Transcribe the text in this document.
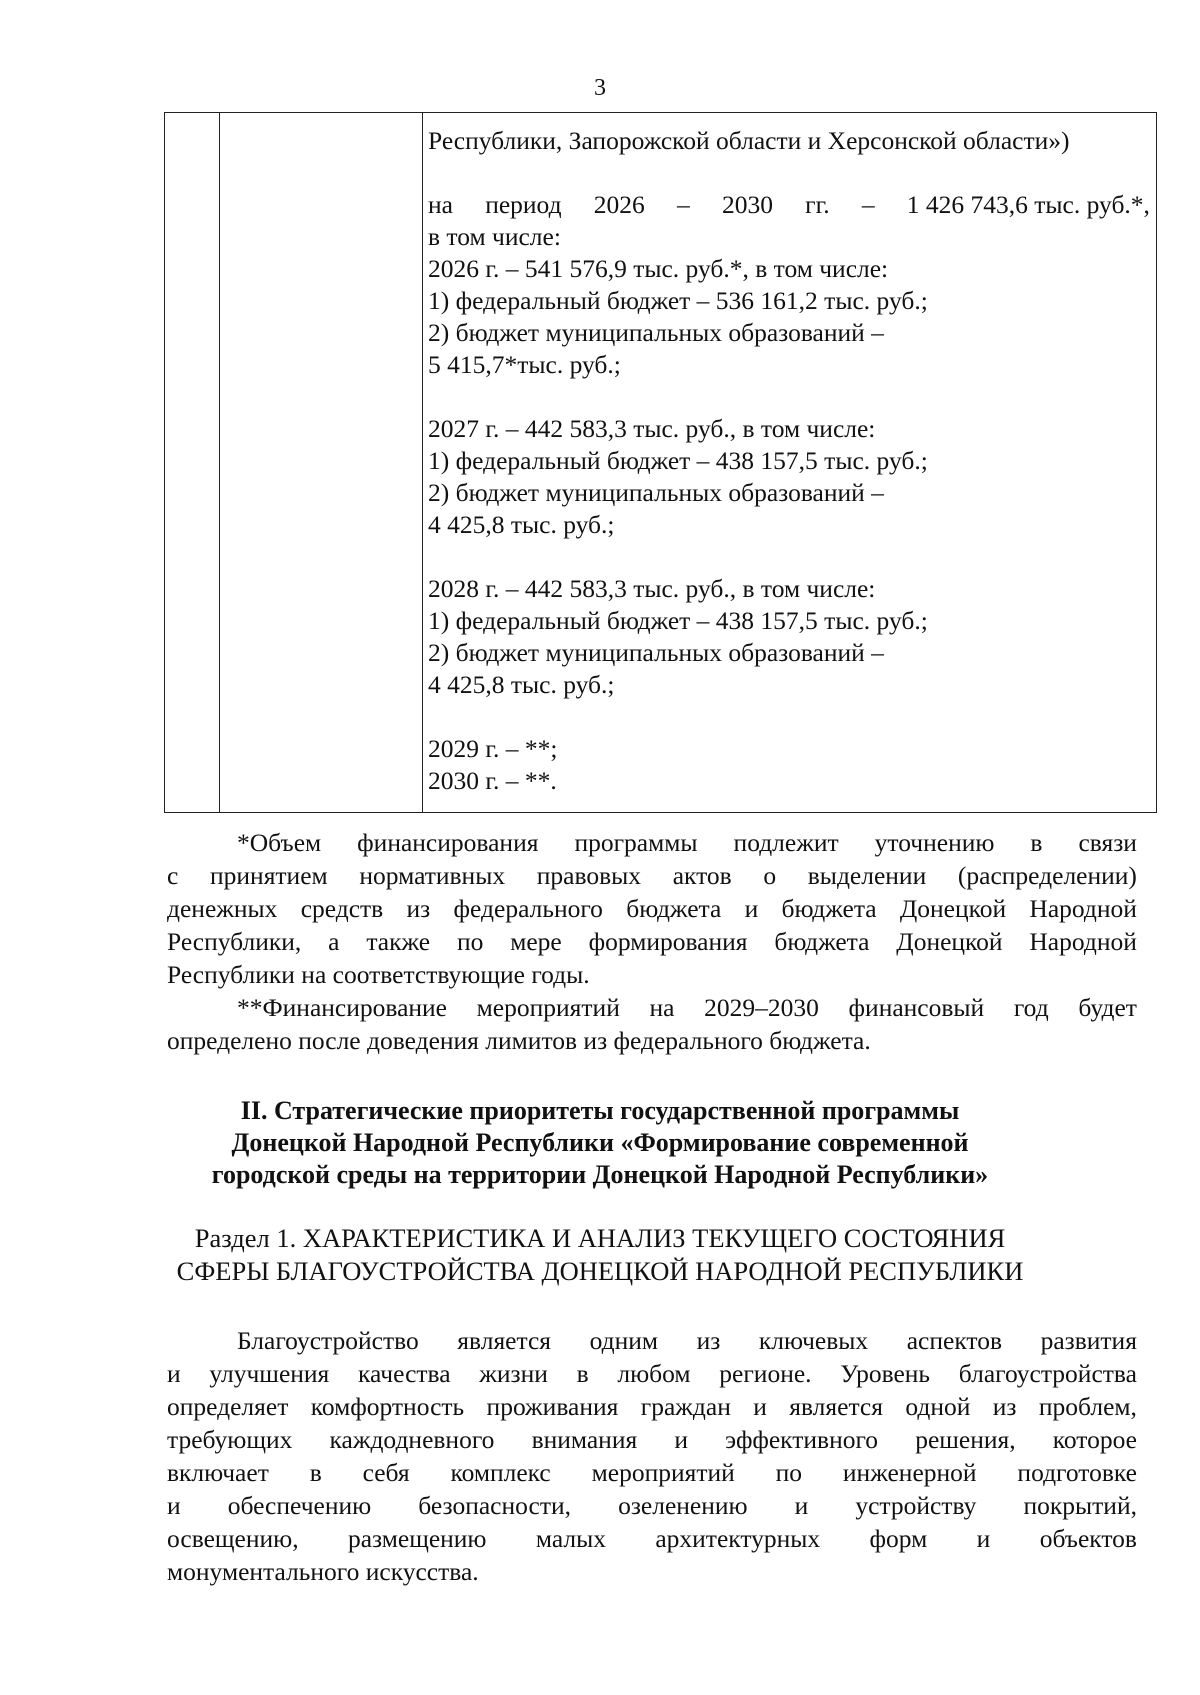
3
Республики, Запорожской области и Херсонской области»)
на период 2026 – 2030 гг. – 1 426 743,6 тыс. руб.*,
в том числе:
2026 г. – 541 576,9 тыс. руб.*, в том числе:
1) федеральный бюджет – 536 161,2 тыс. руб.;
2) бюджет муниципальных образований –
5 415,7*тыс. руб.;
2027 г. – 442 583,3 тыс. руб., в том числе:
1) федеральный бюджет – 438 157,5 тыс. руб.;
2) бюджет муниципальных образований –
4 425,8 тыс. руб.;
2028 г. – 442 583,3 тыс. руб., в том числе:
1) федеральный бюджет – 438 157,5 тыс. руб.;
2) бюджет муниципальных образований –
4 425,8 тыс. руб.;
2029 г. – **;
2030 г. – **.
*Объем финансирования программы подлежит уточнению в связи
с принятием нормативных правовых актов о выделении (распределении)
денежных средств из федерального бюджета и бюджета Донецкой Народной
Республики, а также по мере формирования бюджета Донецкой Народной
Республики на соответствующие годы.
**Финансирование мероприятий на 2029–2030 финансовый год будет
определено после доведения лимитов из федерального бюджета.
II. Стратегические приоритеты государственной программы
Донецкой Народной Республики «Формирование современной
городской среды на территории Донецкой Народной Республики»
Раздел 1. ХАРАКТЕРИСТИКА И АНАЛИЗ ТЕКУЩЕГО СОСТОЯНИЯ
СФЕРЫ БЛАГОУСТРОЙСТВА ДОНЕЦКОЙ НАРОДНОЙ РЕСПУБЛИКИ
Благоустройство является одним из ключевых аспектов развития
и улучшения качества жизни в любом регионе. Уровень благоустройства
определяет комфортность проживания граждан и является одной из проблем,
требующих каждодневного внимания и эффективного решения, которое
включает в себя комплекс мероприятий по инженерной подготовке
и обеспечению безопасности, озеленению и устройству покрытий,
освещению, размещению малых архитектурных форм и объектов
монументального искусства.
